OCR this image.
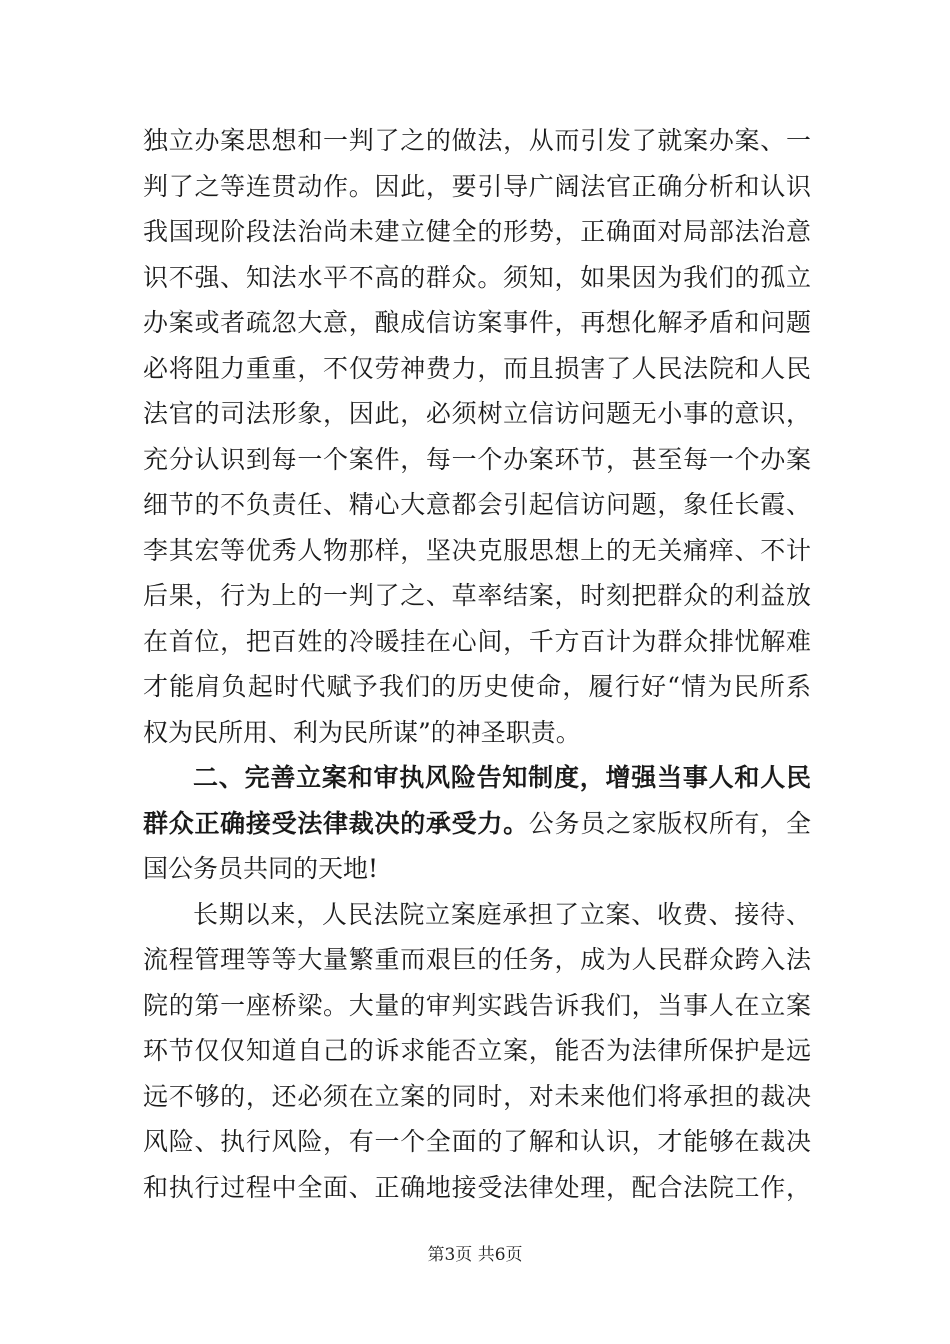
独立办案思想和一判了之的做法，从而引发了就案办案、一
判了之等连贯动作。因此，要引导广阔法官正确分析和认识
我国现阶段法治尚未建立健全的形势，正确面对局部法治意
识不强、知法水平不高的群众。须知，如果因为我们的孤立
办案或者疏忽大意，酿成信访案事件，再想化解矛盾和问题
必将阻力重重，不仅劳神费力，而且损害了人民法院和人民
法官的司法形象，因此，必须树立信访问题无小事的意识，
充分认识到每一个案件，每一个办案环节，甚至每一个办案
细节的不负责任、精心大意都会引起信访问题，象任长霞、
李其宏等优秀人物那样，坚决克服思想上的无关痛痒、不计
后果，行为上的一判了之、草率结案，时刻把群众的利益放
在首位，把百姓的冷暖挂在心间，千方百计为群众排忧解难
才能肩负起时代赋予我们的历史使命，履行好“情为民所系
权为民所用、利为民所谋”的神圣职责。
二、完善立案和审执风险告知制度，增强当事人和人民
群众正确接受法律裁决的承受力。公务员之家版权所有，全
国公务员共同的天地!
长期以来，人民法院立案庭承担了立案、收费、接待、
流程管理等等大量繁重而艰巨的任务，成为人民群众跨入法
院的第一座桥梁。大量的审判实践告诉我们，当事人在立案
环节仅仅知道自己的诉求能否立案，能否为法律所保护是远
远不够的，还必须在立案的同时，对未来他们将承担的裁决
风险、执行风险，有一个全面的了解和认识，才能够在裁决
和执行过程中全面、正确地接受法律处理，配合法院工作，
第3页 共6页
